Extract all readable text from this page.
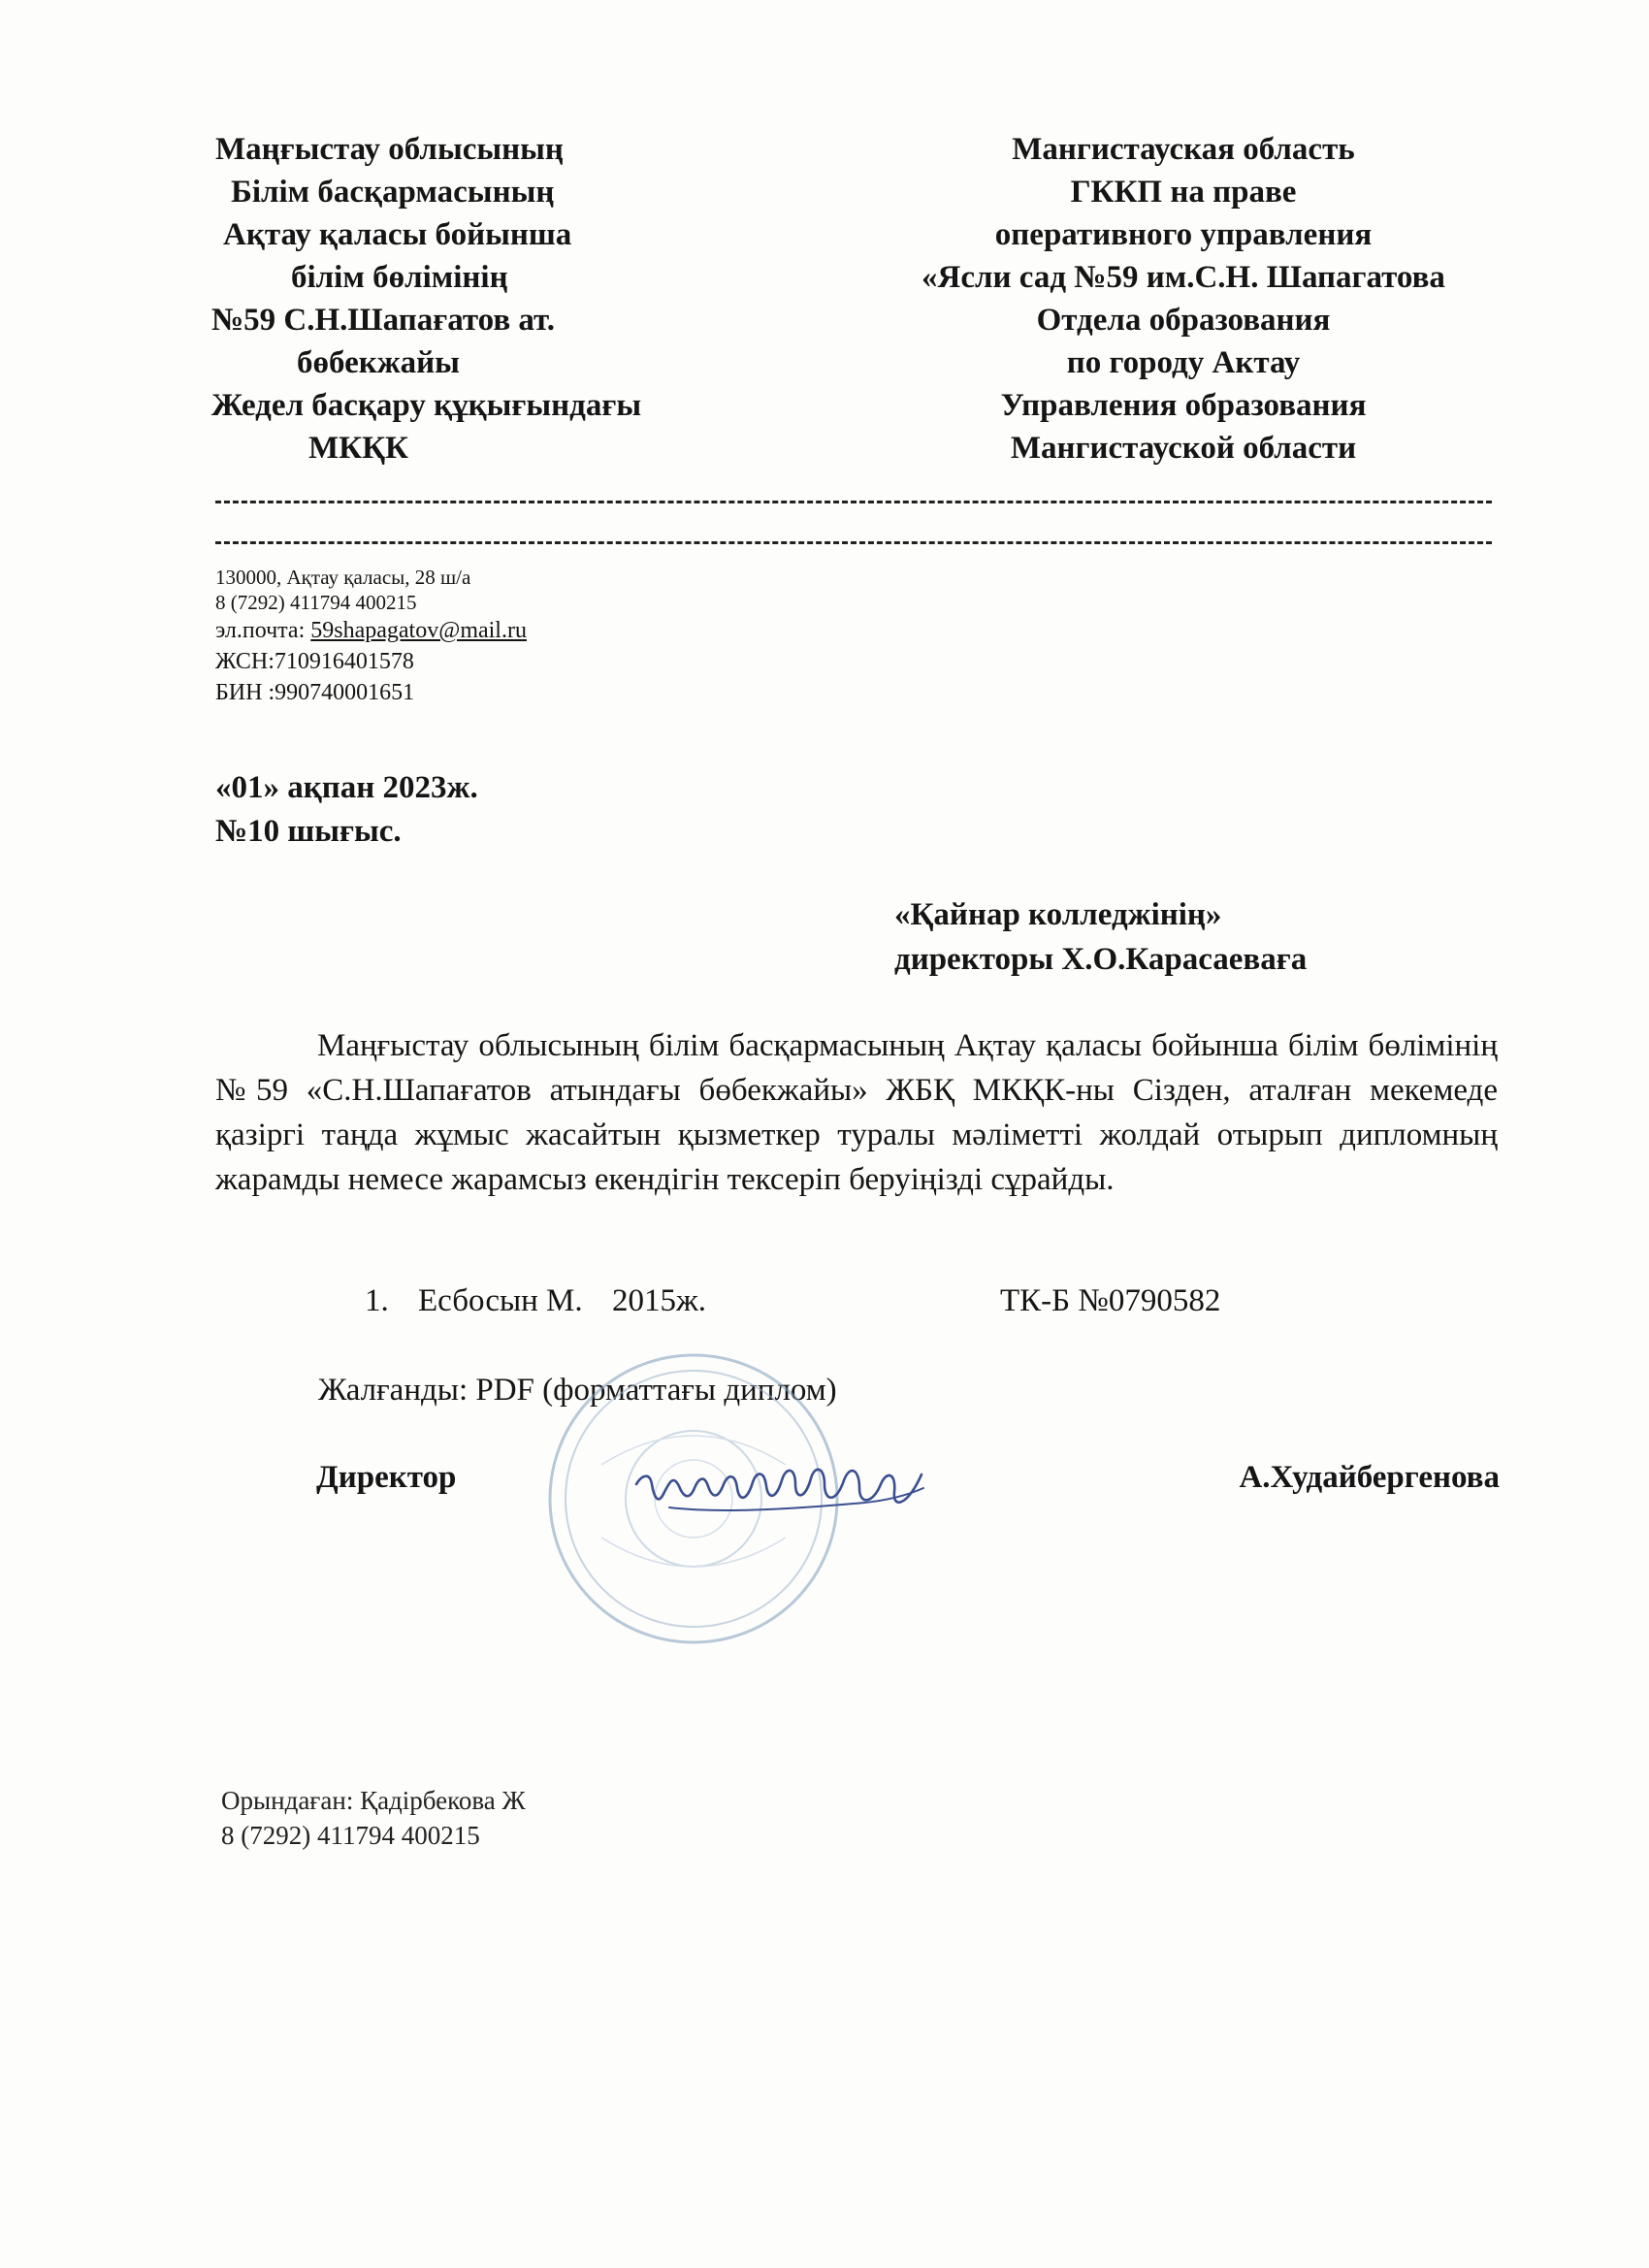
Маңғыстау облысының
Білім басқармасының
Ақтау қаласы бойынша
білім бөлімінің
№59 С.Н.Шапағатов ат.
бөбекжайы
Жедел басқару құқығындағы
МКҚК
Мангистауская область
ГККП на праве
оперативного управления
«Ясли сад №59 им.С.Н. Шапагатова
Отдела образования
по городу Актау
Управления образования
Мангистауской области
130000, Ақтау қаласы, 28 ш/а
8 (7292) 411794 400215
эл.почта: 59shapagatov@mail.ru
ЖСН:710916401578
БИН :990740001651
«01» ақпан 2023ж.
№10 шығыс.
«Қайнар колледжінің»
директоры Х.О.Карасаеваға
Маңғыстау облысының білім басқармасының Ақтау қаласы бойынша білім бөлімінің №59 «С.Н.Шапағатов атындағы бөбекжайы» ЖБҚ МКҚК-ны Сізден, аталған мекемеде қазіргі таңда жұмыс жасайтын қызметкер туралы мәліметті жолдай отырып дипломның жарамды немесе жарамсыз екендігін тексеріп беруіңізді сұрайды.
1. Есбосын М. 2015ж.	ТК-Б №0790582
Жалғанды: PDF (форматтағы диплом)
Директор	А.Худайбергенова
Орындаған: Қадірбекова Ж
8 (7292) 411794 400215
